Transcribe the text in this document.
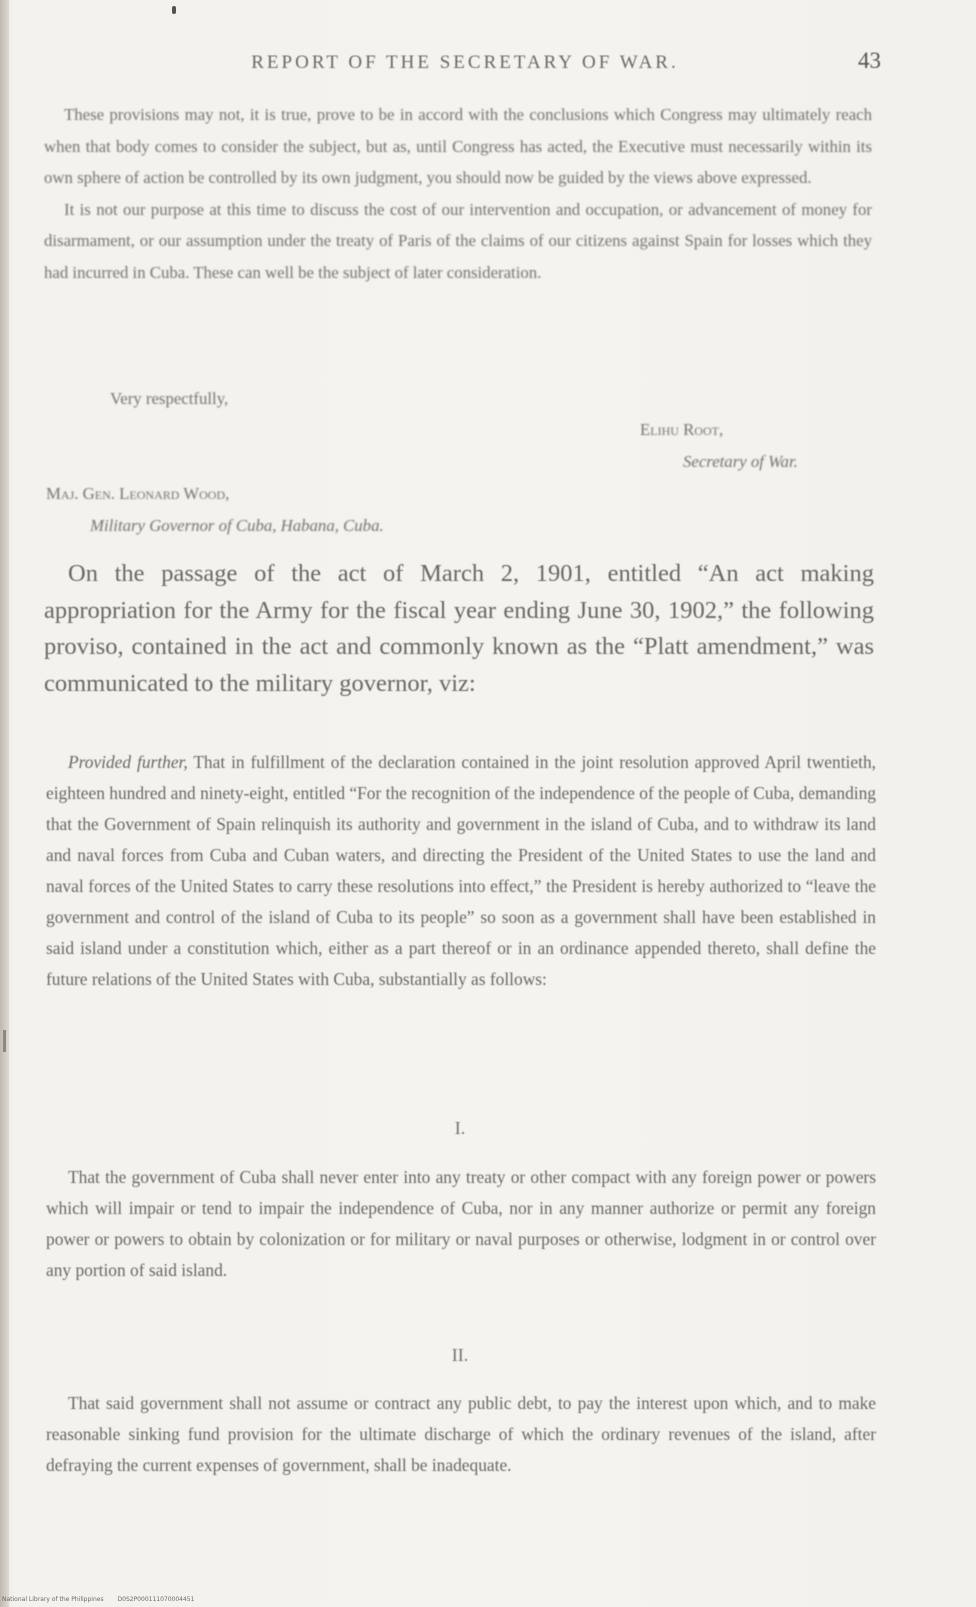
REPORT OF THE SECRETARY OF WAR.	43

These provisions may not, it is true, prove to be in accord with the conclusions which Congress may ultimately reach when that body comes to consider the subject, but as, until Congress has acted, the Executive must necessarily within its own sphere of action be controlled by its own judgment, you should now be guided by the views above expressed.

It is not our purpose at this time to discuss the cost of our intervention and occupation, or advancement of money for disarmament, or our assumption under the treaty of Paris of the claims of our citizens against Spain for losses which they had incurred in Cuba. These can well be the subject of later consideration.

Very respectfully,
Elihu Root,
Secretary of War.
Maj. Gen. Leonard Wood,
Military Governor of Cuba, Habana, Cuba.

On the passage of the act of March 2, 1901, entitled “An act making appropriation for the Army for the fiscal year ending June 30, 1902,” the following proviso, contained in the act and commonly known as the “Platt amendment,” was communicated to the military governor, viz:

Provided further, That in fulfillment of the declaration contained in the joint resolution approved April twentieth, eighteen hundred and ninety-eight, entitled “For the recognition of the independence of the people of Cuba, demanding that the Government of Spain relinquish its authority and government in the island of Cuba, and to withdraw its land and naval forces from Cuba and Cuban waters, and directing the President of the United States to use the land and naval forces of the United States to carry these resolutions into effect,” the President is hereby authorized to “leave the government and control of the island of Cuba to its people” so soon as a government shall have been established in said island under a constitution which, either as a part thereof or in an ordinance appended thereto, shall define the future relations of the United States with Cuba, substantially as follows:

I.

That the government of Cuba shall never enter into any treaty or other compact with any foreign power or powers which will impair or tend to impair the independence of Cuba, nor in any manner authorize or permit any foreign power or powers to obtain by colonization or for military or naval purposes or otherwise, lodgment in or control over any portion of said island.

II.

That said government shall not assume or contract any public debt, to pay the interest upon which, and to make reasonable sinking fund provision for the ultimate discharge of which the ordinary revenues of the island, after defraying the current expenses of government, shall be inadequate.

National Library of the Philippines D0S2P000111070004451
